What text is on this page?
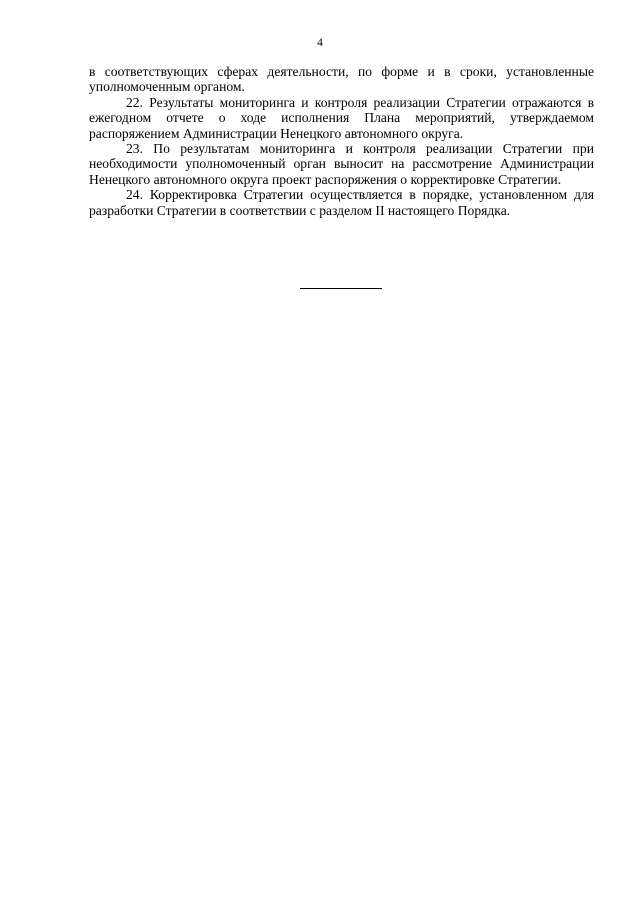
4

в соответствующих сферах деятельности, по форме и в сроки, установленные уполномоченным органом.

22. Результаты мониторинга и контроля реализации Стратегии отражаются в ежегодном отчете о ходе исполнения Плана мероприятий, утверждаемом распоряжением Администрации Ненецкого автономного округа.

23. По результатам мониторинга и контроля реализации Стратегии при необходимости уполномоченный орган выносит на рассмотрение Администрации Ненецкого автономного округа проект распоряжения о корректировке Стратегии.

24. Корректировка Стратегии осуществляется в порядке, установленном для разработки Стратегии в соответствии с разделом II настоящего Порядка.
